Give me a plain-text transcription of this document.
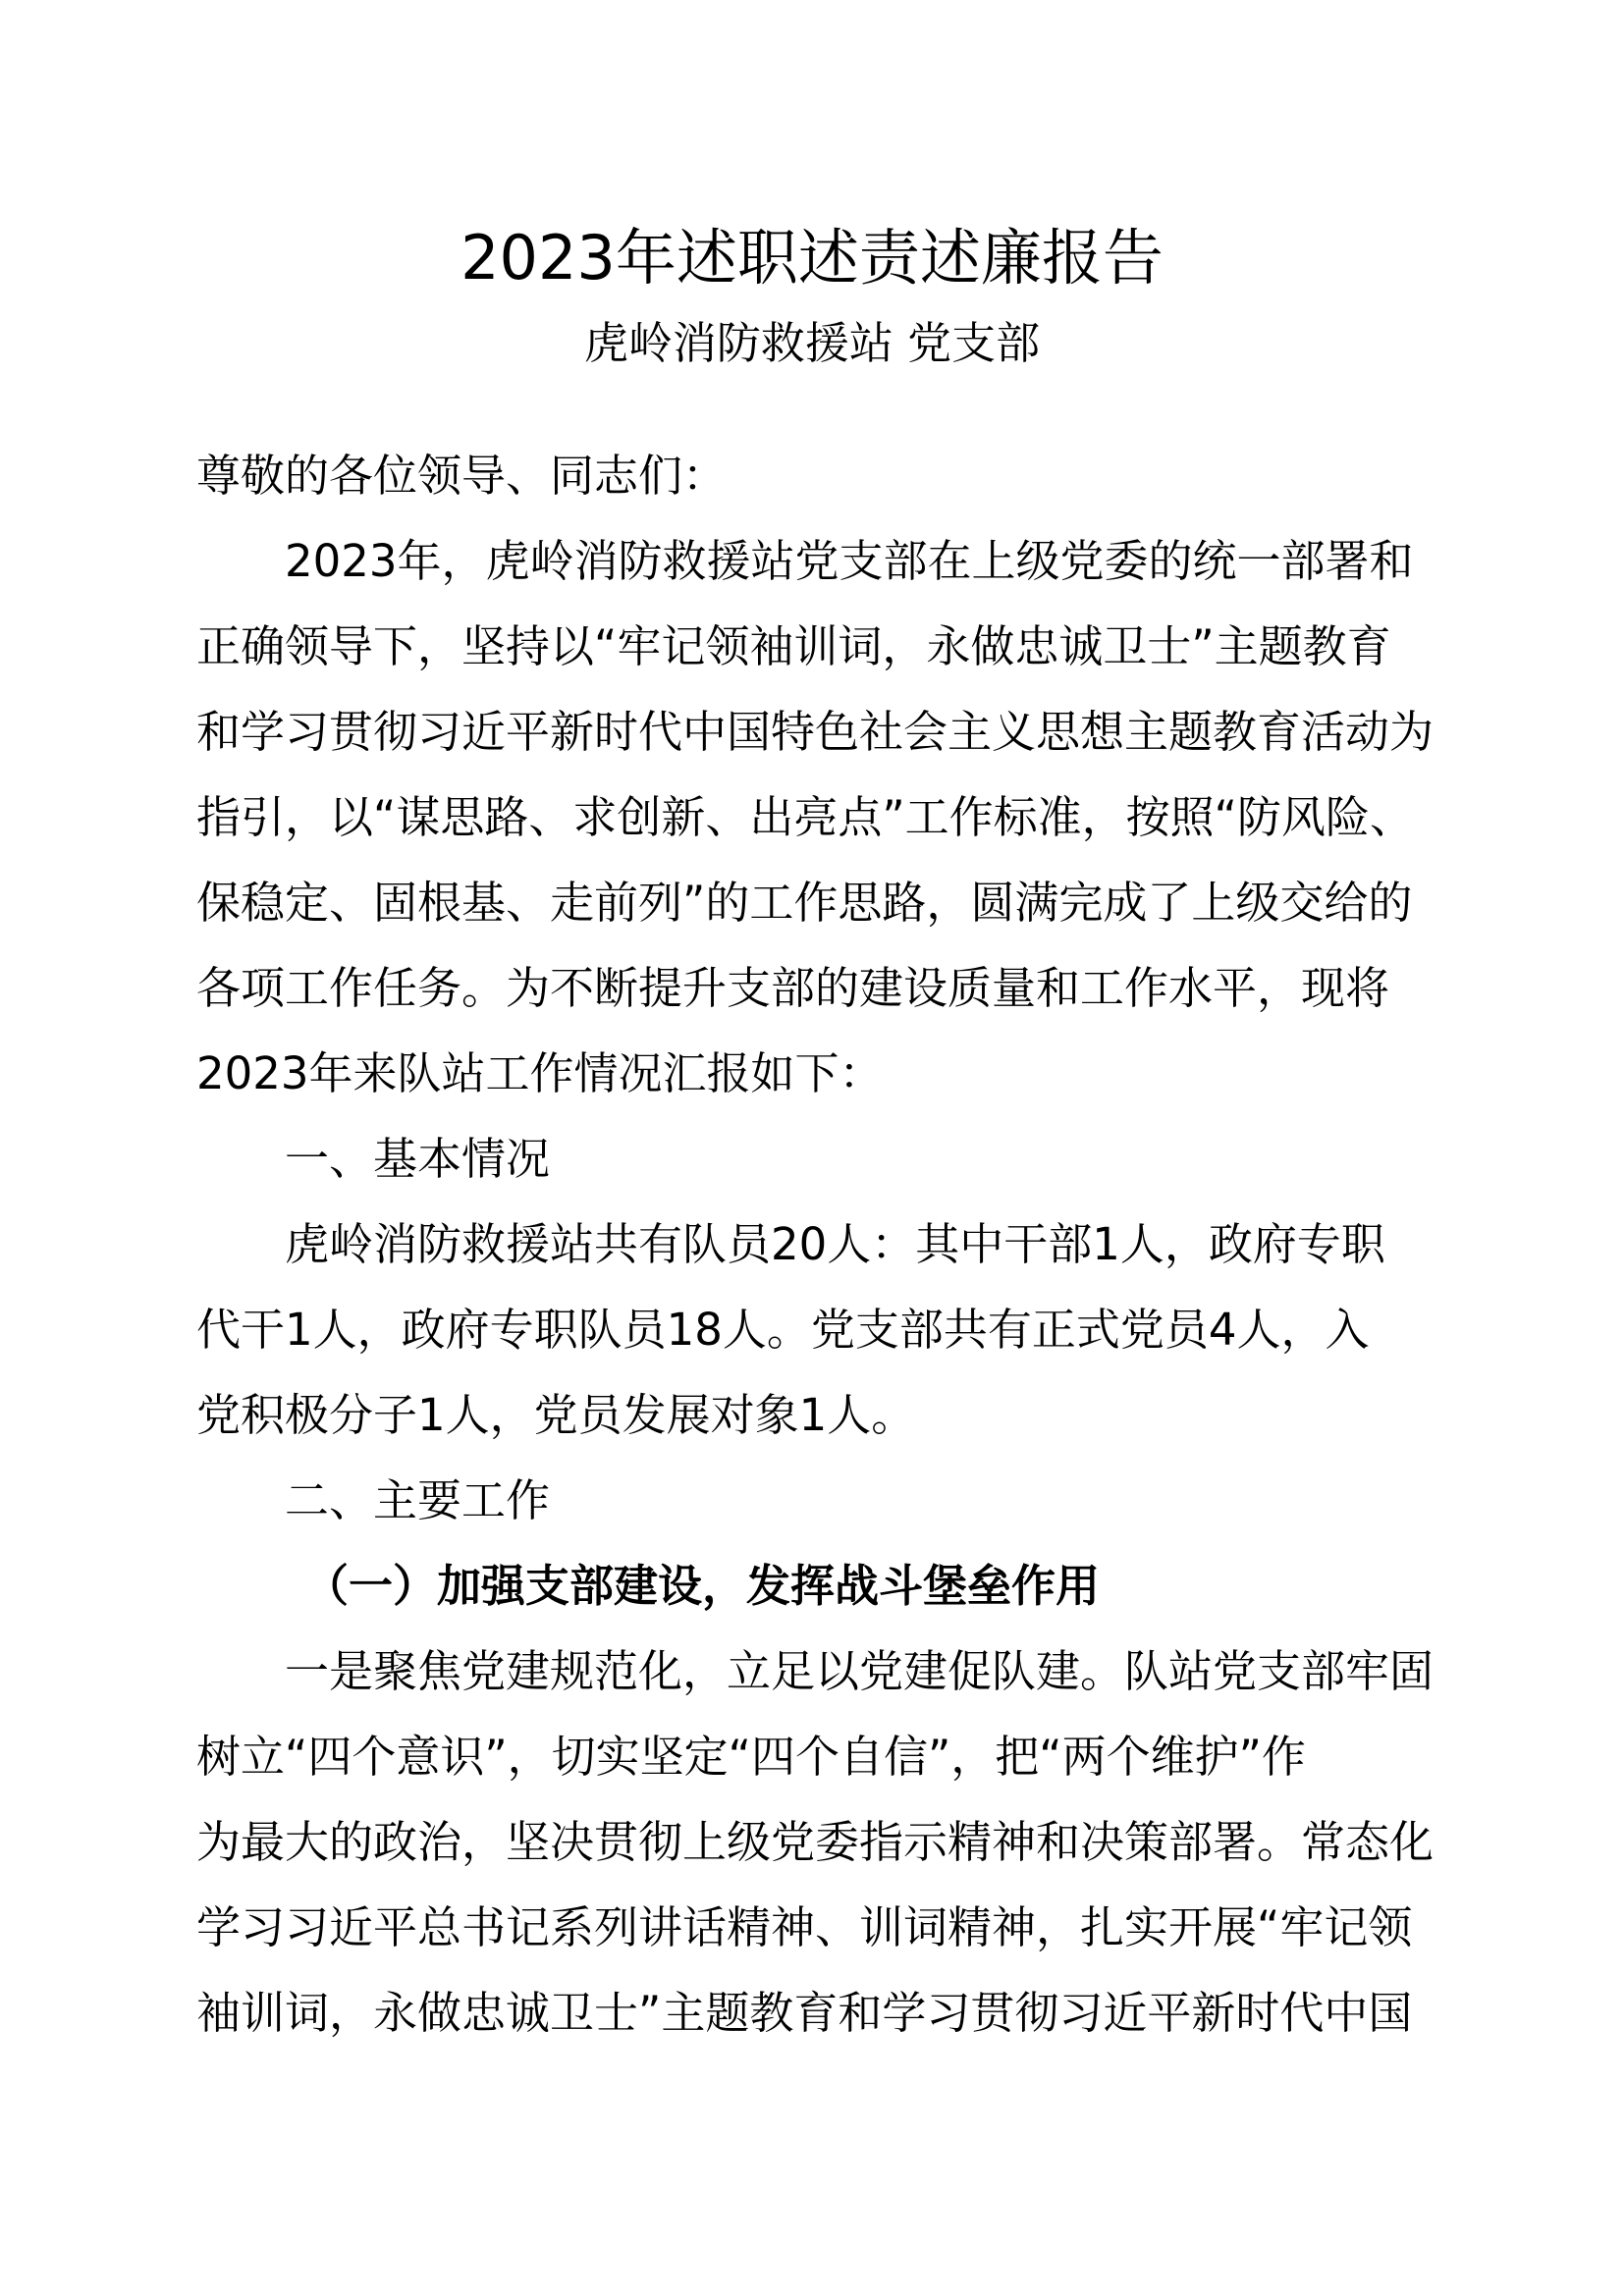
2023年述职述责述廉报告
虎岭消防救援站 党支部
尊敬的各位领导、同志们：
2023年，虎岭消防救援站党支部在上级党委的统一部署和
正确领导下，坚持以“牢记领袖训词，永做忠诚卫士”主题教育
和学习贯彻习近平新时代中国特色社会主义思想主题教育活动为
指引，以“谋思路、求创新、出亮点”工作标准，按照“防风险、
保稳定、固根基、走前列”的工作思路，圆满完成了上级交给的
各项工作任务。为不断提升支部的建设质量和工作水平，现将
2023年来队站工作情况汇报如下：
一、基本情况
虎岭消防救援站共有队员20人：其中干部1人，政府专职
代干1人，政府专职队员18人。党支部共有正式党员4人，入
党积极分子1人，党员发展对象1人。
二、主要工作
（一）加强支部建设，发挥战斗堡垒作用
一是聚焦党建规范化，立足以党建促队建。队站党支部牢固
树立“四个意识”，切实坚定“四个自信”，把“两个维护”作
为最大的政治，坚决贯彻上级党委指示精神和决策部署。常态化
学习习近平总书记系列讲话精神、训词精神，扎实开展“牢记领
袖训词，永做忠诚卫士”主题教育和学习贯彻习近平新时代中国
